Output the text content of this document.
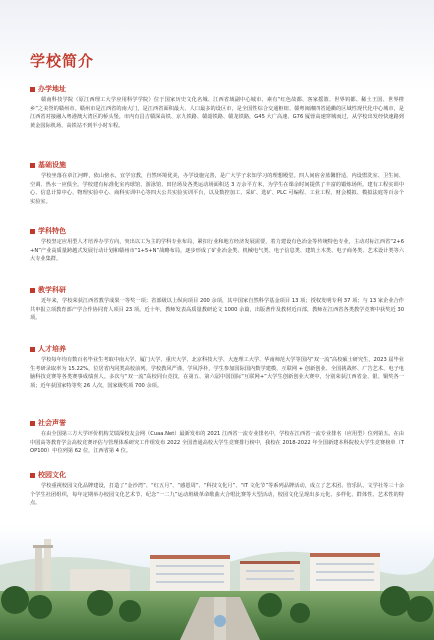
学校简介
办学地址

赣南科技学院（原江西理工大学应用科学学院）位于国家历史文化名城、江西省域副中心城市、素有“红色故都、客家摇篮、世界钨都、稀土王国、世界橙乡”之美誉的赣州市。赣州市是江西省的南大门，是江西省面积最大、人口最多的设区市，是全国性综合交通枢纽、赣粤闽湘四省通衢的区域性现代化中心城市，是江西省对接融入粤港澳大湾区的桥头堡。市内有昌吉赣深高铁、京九铁路、赣韶铁路、赣龙铁路，G45 大广高速、G76 厦蓉高速穿城而过，从学校出发经快速路到黄金国际机场、高铁站不到半小时车程。

基础设施

学校坐落在章江河畔，依山傍水，宜学宜教，自然环境优美，办学设施完善，是广大学子求知学习的理想殿堂。四人间宿舍蓝馨舒适，内设盥洗室、卫生间、空调、热水一应俱全。学校建有标准化室内球馆、游泳馆、田径场及各类运动场面积达 3 万余平方米，为学生在课余时间提供了丰富的锻炼场所。建有工程实训中心、信息计算中心、物理实验中心、商科实训中心等四大公共实验实训平台，以及数控加工、采矿、选矿、PLC 可编程、工业工程、财会模拟、模拟法庭等百余个实验室。

学科特色

学校坚定应用型人才培养办学方向，突出以工为主的学科专业布局，紧扣行业和地方经济发展需要，着力建设有色冶金等传统特色专业，主动对标江西省“2+6+N”产业高质量跨越式发展行动计划和赣州市“1+5+N”战略布局，逐步形成了矿业冶金类、机械电气类、电子信息类、建筑土木类、电子商务类、艺术设计类等六大专业集群。

教学科研

近年来，学校荣获江西省教学成果一等奖一项；省部级以上纵向项目 200 余项，其中国家自然科学基金项目 13 项；授权发明专利 37 项；与 13 家企业合作共申报立项教育部产学合作协同育人项目 23 项。近十年，教师发表高质量教研论文 1000 余篇，出版著作及教材近百部，教师在江西省各类教学竞赛中获奖近 30 项。

人才培养

学校每年均有数百名毕业生考取中南大学、厦门大学、重庆大学、北京科技大学、大连理工大学、华南师范大学等国内“双一流”高校硕士研究生，2023 届毕业生考研录取率为 15.22%，位居省内同类高校前列。学校教风严谨，学风浮朴，学生参加国际国内数学建模、互联网 + 创新创业、全国挑战杯、广告艺术、电子电脑科技竞赛等各类赛事成绩喜人。多次与“双一流”高校同台竞技，在第五、第六届中国国际“互联网+”大学生创新创业大赛中，分别荣获江西省金、银、铜奖各一项；近年获国家特等奖 26 人次，国家级奖项 700 余项。

社会声誉

在由全国第三方大学评价机构艾瑞深校友会网（Cuaa.Net）最新发布的 2021 江西省一流专业排名中，学校在江西省一流专业排名（应用型）位列第五。在由中国高等教育学会高校竞赛评估与管理体系研究工作组发布 2022 全国普通高校大学生竞赛排行榜中，我校在 2018-2022 年全国新建本科院校大学生竞赛榜单（TOP100）中位列第 62 位，江西省第 4 位。

校园文化

学校重视校园文化品牌建设，打造了“金沙湾”、“红五月”、“感恩周”、“科技文化月”、“IT 文化节”等系列品牌活动，成立了艺术团、管乐队、文学社等三十余个学生社团组织，每年定期举办校园文化艺术节、纪念“一二九”运动班级革命歌曲大合唱比赛等大型活动，校园文化呈现出多元化、多样化、群体性、艺术性的特点。
